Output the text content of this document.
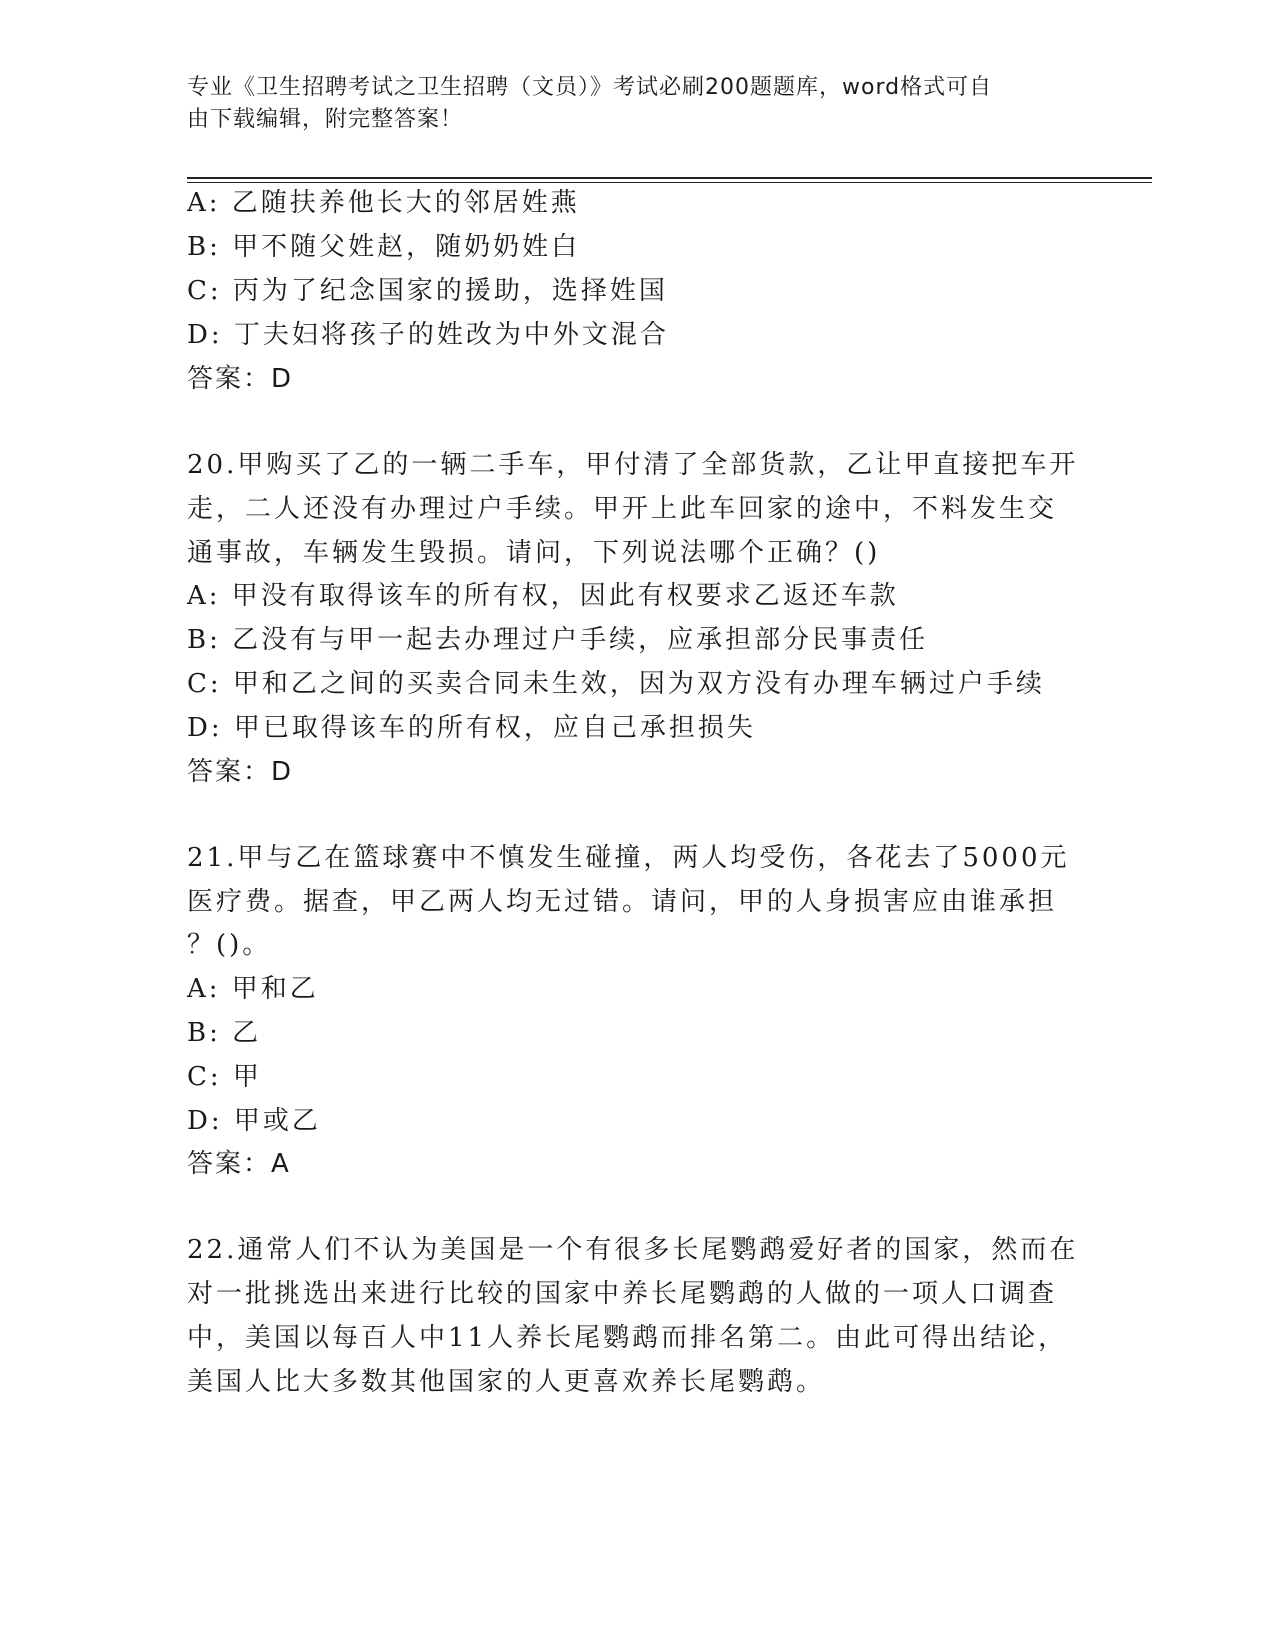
专业《卫生招聘考试之卫生招聘（文员）》考试必刷200题题库，word格式可自
由下载编辑，附完整答案！
A: 乙随扶养他长大的邻居姓燕
B: 甲不随父姓赵，随奶奶姓白
C: 丙为了纪念国家的援助，选择姓国
D: 丁夫妇将孩子的姓改为中外文混合
答案：D
20.甲购买了乙的一辆二手车，甲付清了全部货款，乙让甲直接把车开
走，二人还没有办理过户手续。甲开上此车回家的途中，不料发生交
通事故，车辆发生毁损。请问，下列说法哪个正确？()
A: 甲没有取得该车的所有权，因此有权要求乙返还车款
B: 乙没有与甲一起去办理过户手续，应承担部分民事责任
C: 甲和乙之间的买卖合同未生效，因为双方没有办理车辆过户手续
D: 甲已取得该车的所有权，应自己承担损失
答案：D
21.甲与乙在篮球赛中不慎发生碰撞，两人均受伤，各花去了5000元
医疗费。据查，甲乙两人均无过错。请问，甲的人身损害应由谁承担
？()。
A: 甲和乙
B: 乙
C: 甲
D: 甲或乙
答案：A
22.通常人们不认为美国是一个有很多长尾鹦鹉爱好者的国家，然而在
对一批挑选出来进行比较的国家中养长尾鹦鹉的人做的一项人口调查
中，美国以每百人中11人养长尾鹦鹉而排名第二。由此可得出结论，
美国人比大多数其他国家的人更喜欢养长尾鹦鹉。
